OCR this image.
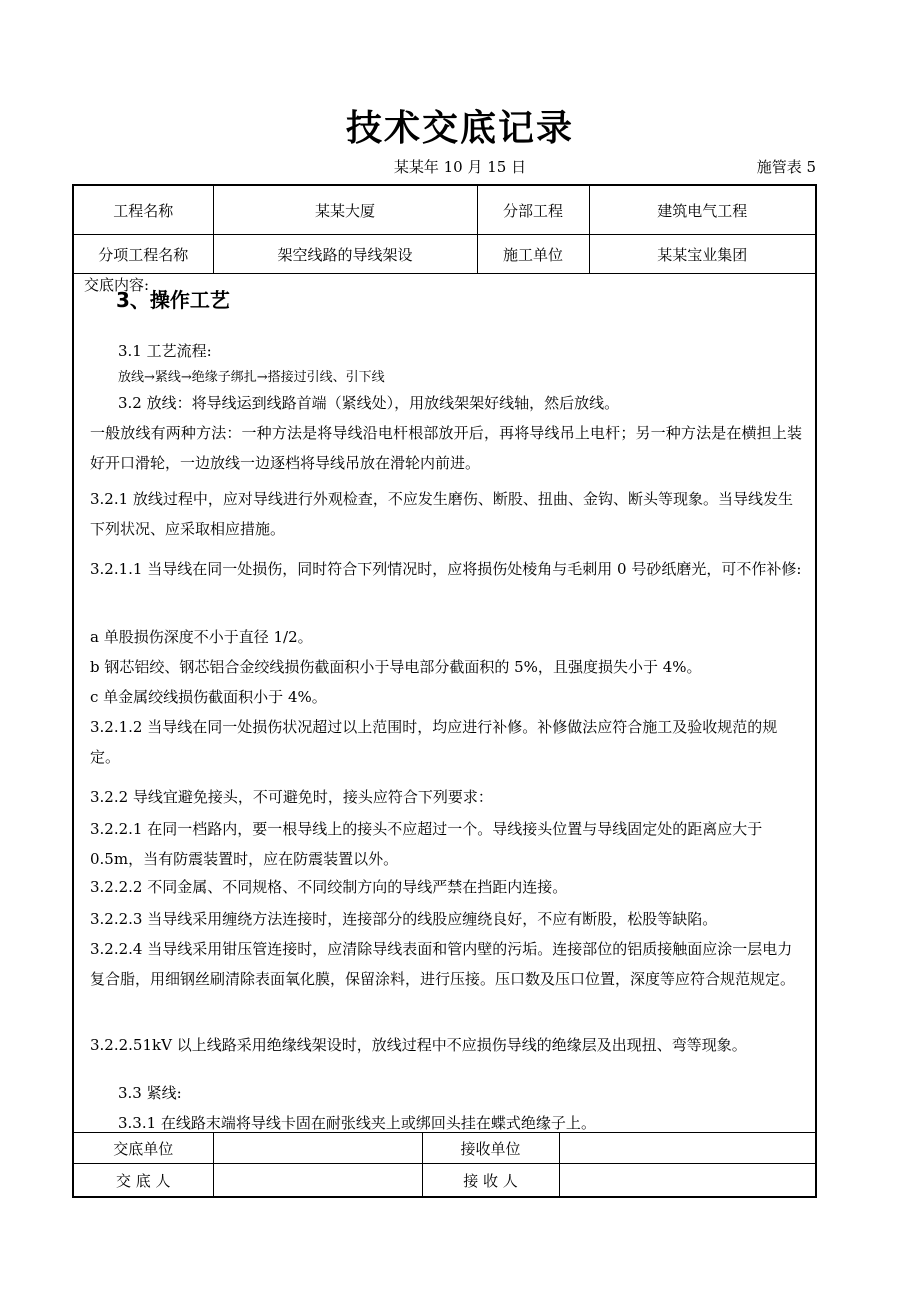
技术交底记录
某某年 10 月 15 日	施管表 5
工程名称	某某大厦	分部工程	建筑电气工程
分项工程名称	架空线路的导线架设	施工单位	某某宝业集团
交底内容:
3、操作工艺
3.1 工艺流程:
放线→紧线→绝缘子绑扎→搭接过引线、引下线
3.2 放线：将导线运到线路首端（紧线处），用放线架架好线轴，然后放线。
一般放线有两种方法：一种方法是将导线沿电杆根部放开后，再将导线吊上电杆；另一种方法是在横担上装好开口滑轮，一边放线一边逐档将导线吊放在滑轮内前进。
3.2.1 放线过程中，应对导线进行外观检查，不应发生磨伤、断股、扭曲、金钩、断头等现象。当导线发生下列状况、应采取相应措施。
3.2.1.1 当导线在同一处损伤，同时符合下列情况时，应将损伤处棱角与毛刺用 0 号砂纸磨光，可不作补修:
a 单股损伤深度不小于直径 1/2。
b 钢芯铝绞、钢芯铝合金绞线损伤截面积小于导电部分截面积的 5%，且强度损失小于 4%。
c 单金属绞线损伤截面积小于 4%。
3.2.1.2 当导线在同一处损伤状况超过以上范围时，均应进行补修。补修做法应符合施工及验收规范的规定。
3.2.2 导线宜避免接头，不可避免时，接头应符合下列要求：
3.2.2.1 在同一档路内，要一根导线上的接头不应超过一个。导线接头位置与导线固定处的距离应大于 0.5m，当有防震装置时，应在防震装置以外。
3.2.2.2 不同金属、不同规格、不同绞制方向的导线严禁在挡距内连接。
3.2.2.3 当导线采用缠绕方法连接时，连接部分的线股应缠绕良好，不应有断股，松股等缺陷。
3.2.2.4 当导线采用钳压管连接时，应清除导线表面和管内壁的污垢。连接部位的铝质接触面应涂一层电力复合脂，用细钢丝刷清除表面氧化膜，保留涂料，进行压接。压口数及压口位置，深度等应符合规范规定。
3.2.2.51kV 以上线路采用绝缘线架设时，放线过程中不应损伤导线的绝缘层及出现扭、弯等现象。
3.3 紧线:
3.3.1 在线路末端将导线卡固在耐张线夹上或绑回头挂在蝶式绝缘子上。
交底单位		接收单位	
交 底 人		接 收 人	
